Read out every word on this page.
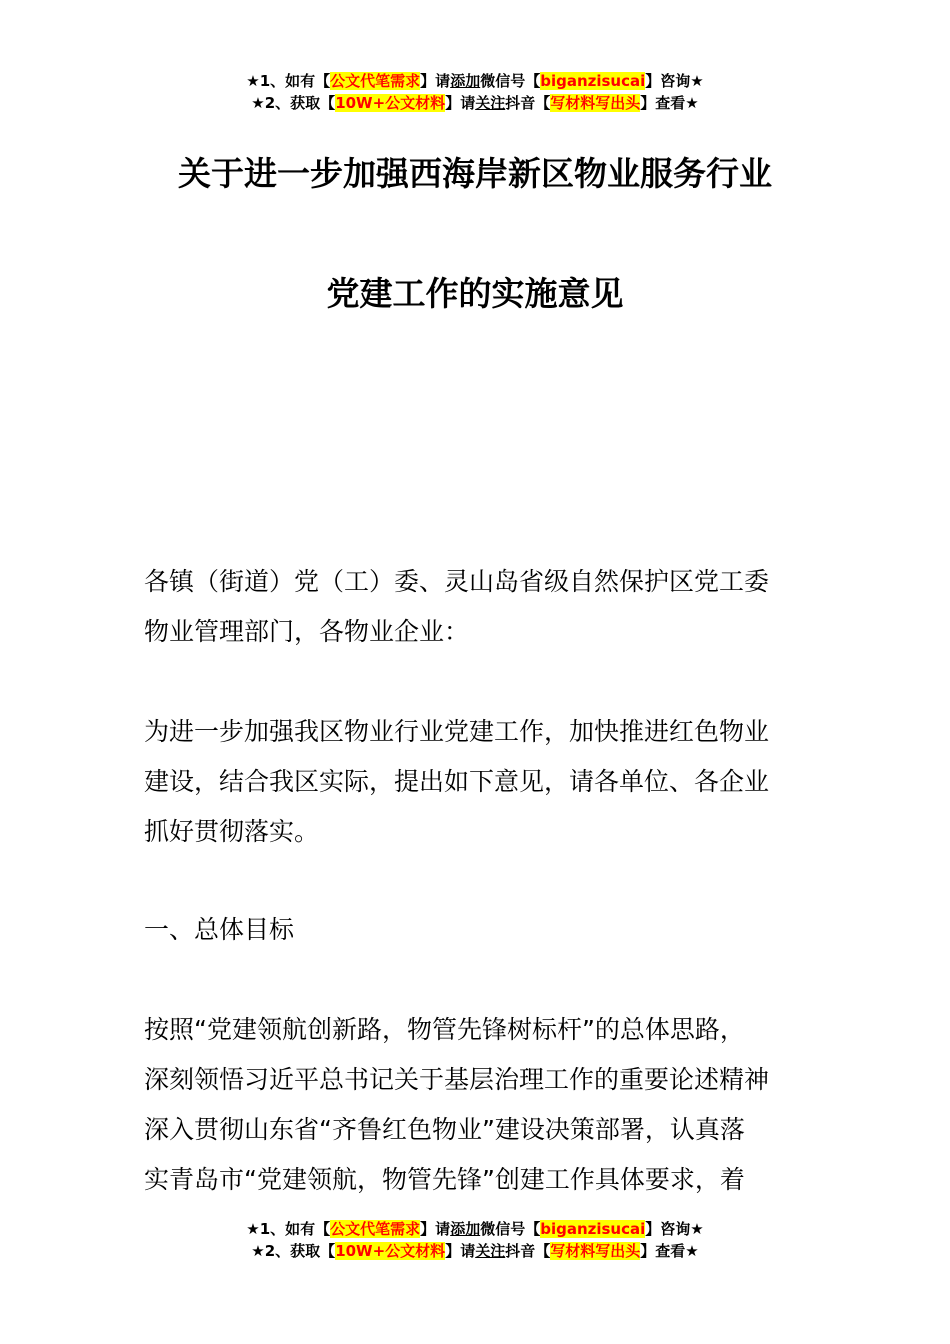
★1、如有【公文代笔需求】请添加微信号【biganzisucai】咨询★
★2、获取【10W+公文材料】请关注抖音【写材料写出头】查看★
关于进一步加强西海岸新区物业服务行业
党建工作的实施意见
各镇（街道）党（工）委、灵山岛省级自然保护区党工委
物业管理部门，各物业企业：
为进一步加强我区物业行业党建工作，加快推进红色物业
建设，结合我区实际，提出如下意见，请各单位、各企业
抓好贯彻落实。
一、总体目标
按照“党建领航创新路，物管先锋树标杆”的总体思路，
深刻领悟习近平总书记关于基层治理工作的重要论述精神
深入贯彻山东省“齐鲁红色物业”建设决策部署，认真落
实青岛市“党建领航，物管先锋”创建工作具体要求，着
★1、如有【公文代笔需求】请添加微信号【biganzisucai】咨询★
★2、获取【10W+公文材料】请关注抖音【写材料写出头】查看★
